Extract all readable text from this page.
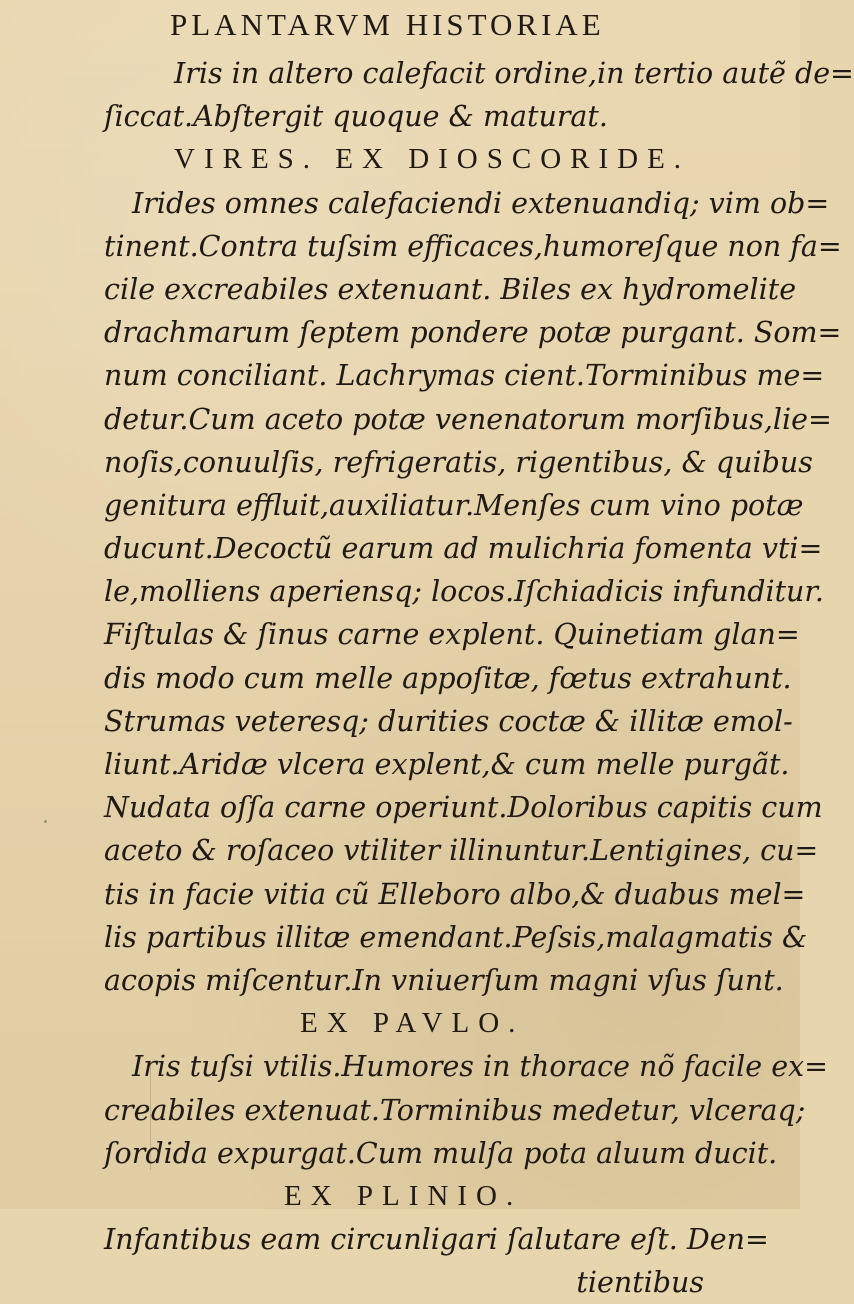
PLANTARVM HISTORIAE
Iris in altero calefacit ordine,in tertio autẽ de=
ſiccat.Abſtergit quoque & maturat.
VIRES. EX DIOSCORIDE.
Irides omnes calefaciendi extenuandiq; vim ob=
tinent.Contra tuſsim efficaces,humoreſque non fa=
cile excreabiles extenuant. Biles ex hydromelite
drachmarum ſeptem pondere potæ purgant. Som=
num conciliant. Lachrymas cient.Torminibus me=
detur.Cum aceto potæ venenatorum morſibus,lie=
noſis,conuulſis, refrigeratis, rigentibus, & quibus
genitura effluit,auxiliatur.Menſes cum vino potæ
ducunt.Decoctũ earum ad mulichria fomenta vti=
le,molliens aperiensq; locos.Iſchiadicis infunditur.
Fiſtulas & ſinus carne explent. Quinetiam glan=
dis modo cum melle appoſitæ, fœtus extrahunt.
Strumas veteresq; durities coctæ & illitæ emol-
liunt.Aridæ vlcera explent,& cum melle purgãt.
Nudata oſſa carne operiunt.Doloribus capitis cum
aceto & roſaceo vtiliter illinuntur.Lentigines, cu=
tis in facie vitia cũ Elleboro albo,& duabus mel=
lis partibus illitæ emendant.Peſsis,malagmatis &
acopis miſcentur.In vniuerſum magni vſus ſunt.
EX PAVLO.
Iris tuſsi vtilis.Humores in thorace nõ facile ex=
creabiles extenuat.Torminibus medetur, vlceraq;
ſordida expurgat.Cum mulſa pota aluum ducit.
EX PLINIO.
Infantibus eam circunligari ſalutare eſt. Den=
tientibus
